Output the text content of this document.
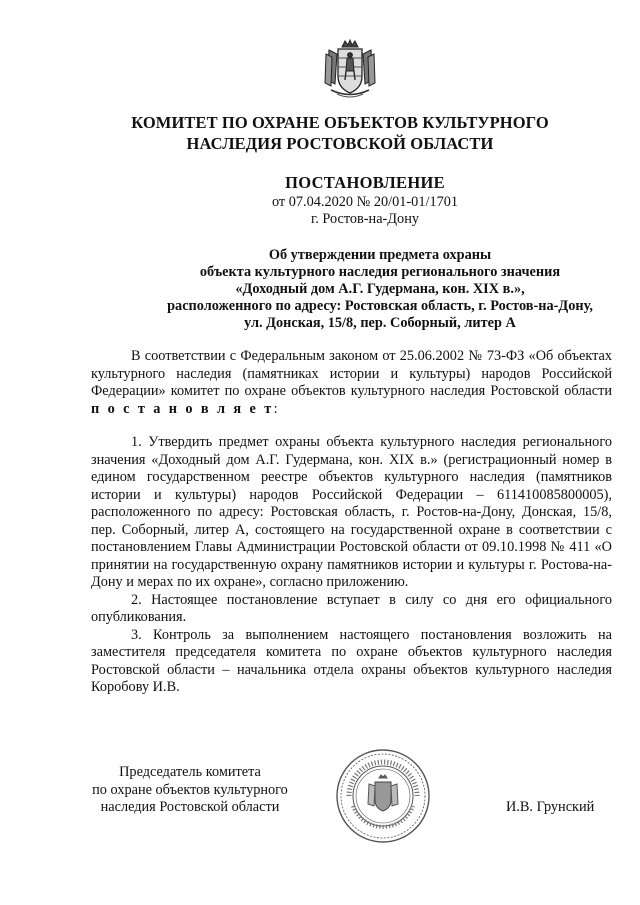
КОМИТЕТ ПО ОХРАНЕ ОБЪЕКТОВ КУЛЬТУРНОГО
НАСЛЕДИЯ РОСТОВСКОЙ ОБЛАСТИ
ПОСТАНОВЛЕНИЕ
от 07.04.2020 № 20/01-01/1701
г. Ростов-на-Дону
Об утверждении предмета охраны
объекта культурного наследия регионального значения
«Доходный дом А.Г. Гудермана, кон. XIX в.»,
расположенного по адресу: Ростовская область, г. Ростов-на-Дону,
ул. Донская, 15/8, пер. Соборный, литер А

В соответствии с Федеральным законом от 25.06.2002 № 73-ФЗ «Об объектах культурного наследия (памятниках истории и культуры) народов Российской Федерации» комитет по охране объектов культурного наследия Ростовской области п о с т а н о в л я е т:

1. Утвердить предмет охраны объекта культурного наследия регионального значения «Доходный дом А.Г. Гудермана, кон. XIX в.» (регистрационный номер в едином государственном реестре объектов культурного наследия (памятников истории и культуры) народов Российской Федерации – 611410085800005), расположенного по адресу: Ростовская область, г. Ростов-на-Дону, Донская, 15/8, пер. Соборный, литер А, состоящего на государственной охране в соответствии с постановлением Главы Администрации Ростовской области от 09.10.1998 № 411 «О принятии на государственную охрану памятников истории и культуры г. Ростова-на-Дону и мерах по их охране», согласно приложению.

2. Настоящее постановление вступает в силу со дня его официального опубликования.

3. Контроль за выполнением настоящего постановления возложить на заместителя председателя комитета по охране объектов культурного наследия Ростовской области – начальника отдела охраны объектов культурного наследия Коробову И.В.

Председатель комитета
по охране объектов культурного
наследия Ростовской области	И.В. Грунский
